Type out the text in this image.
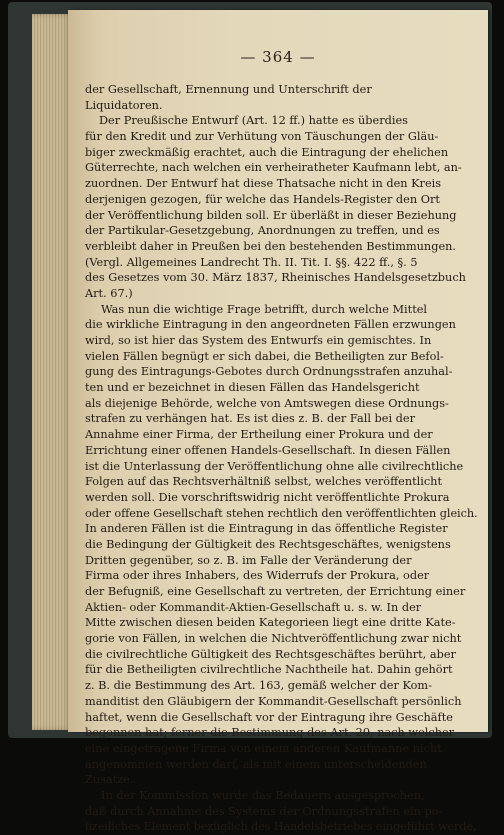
— 364 —
der Gesellschaft, Ernennung und Unterschrift der
Liquidatoren.
Der Preußische Entwurf (Art. 12 ff.) hatte es überdies
für den Kredit und zur Verhütung von Täuschungen der Gläu-
biger zweckmäßig erachtet, auch die Eintragung der ehelichen
Güterrechte, nach welchen ein verheiratheter Kaufmann lebt, an-
zuordnen. Der Entwurf hat diese Thatsache nicht in den Kreis
derjenigen gezogen, für welche das Handels-Register den Ort
der Veröffentlichung bilden soll. Er überläßt in dieser Beziehung
der Partikular-Gesetzgebung, Anordnungen zu treffen, und es
verbleibt daher in Preußen bei den bestehenden Bestimmungen.
(Vergl. Allgemeines Landrecht Th. II. Tit. I. §§. 422 ff., §. 5
des Gesetzes vom 30. März 1837, Rheinisches Handelsgesetzbuch
Art. 67.)
Was nun die wichtige Frage betrifft, durch welche Mittel
die wirkliche Eintragung in den angeordneten Fällen erzwungen
wird, so ist hier das System des Entwurfs ein gemischtes. In
vielen Fällen begnügt er sich dabei, die Betheiligten zur Befol-
gung des Eintragungs-Gebotes durch Ordnungsstrafen anzuhal-
ten und er bezeichnet in diesen Fällen das Handelsgericht
als diejenige Behörde, welche von Amtswegen diese Ordnungs-
strafen zu verhängen hat. Es ist dies z. B. der Fall bei der
Annahme einer Firma, der Ertheilung einer Prokura und der
Errichtung einer offenen Handels-Gesellschaft. In diesen Fällen
ist die Unterlassung der Veröffentlichung ohne alle civilrechtliche
Folgen auf das Rechtsverhältniß selbst, welches veröffentlicht
werden soll. Die vorschriftswidrig nicht veröffentlichte Prokura
oder offene Gesellschaft stehen rechtlich den veröffentlichten gleich.
In anderen Fällen ist die Eintragung in das öffentliche Register
die Bedingung der Gültigkeit des Rechtsgeschäftes, wenigstens
Dritten gegenüber, so z. B. im Falle der Veränderung der
Firma oder ihres Inhabers, des Widerrufs der Prokura, oder
der Befugniß, eine Gesellschaft zu vertreten, der Errichtung einer
Aktien- oder Kommandit-Aktien-Gesellschaft u. s. w. In der
Mitte zwischen diesen beiden Kategorieen liegt eine dritte Kate-
gorie von Fällen, in welchen die Nichtveröffentlichung zwar nicht
die civilrechtliche Gültigkeit des Rechtsgeschäftes berührt, aber
für die Betheiligten civilrechtliche Nachtheile hat. Dahin gehört
z. B. die Bestimmung des Art. 163, gemäß welcher der Kom-
manditist den Gläubigern der Kommandit-Gesellschaft persönlich
haftet, wenn die Gesellschaft vor der Eintragung ihre Geschäfte
begonnen hat; ferner die Bestimmung des Art. 20, nach welcher
eine eingetragene Firma von einem anderen Kaufmanne nicht
angenommen werden darf, als mit einem unterscheidenden
Zusatze.
In der Kommission wurde das Bedauern ausgesprochen,
daß durch Annahme des Systems der Ordnungsstrafen ein po-
lizeiliches Element bezüglich des Handelsbetriebes eingeführt werde,
